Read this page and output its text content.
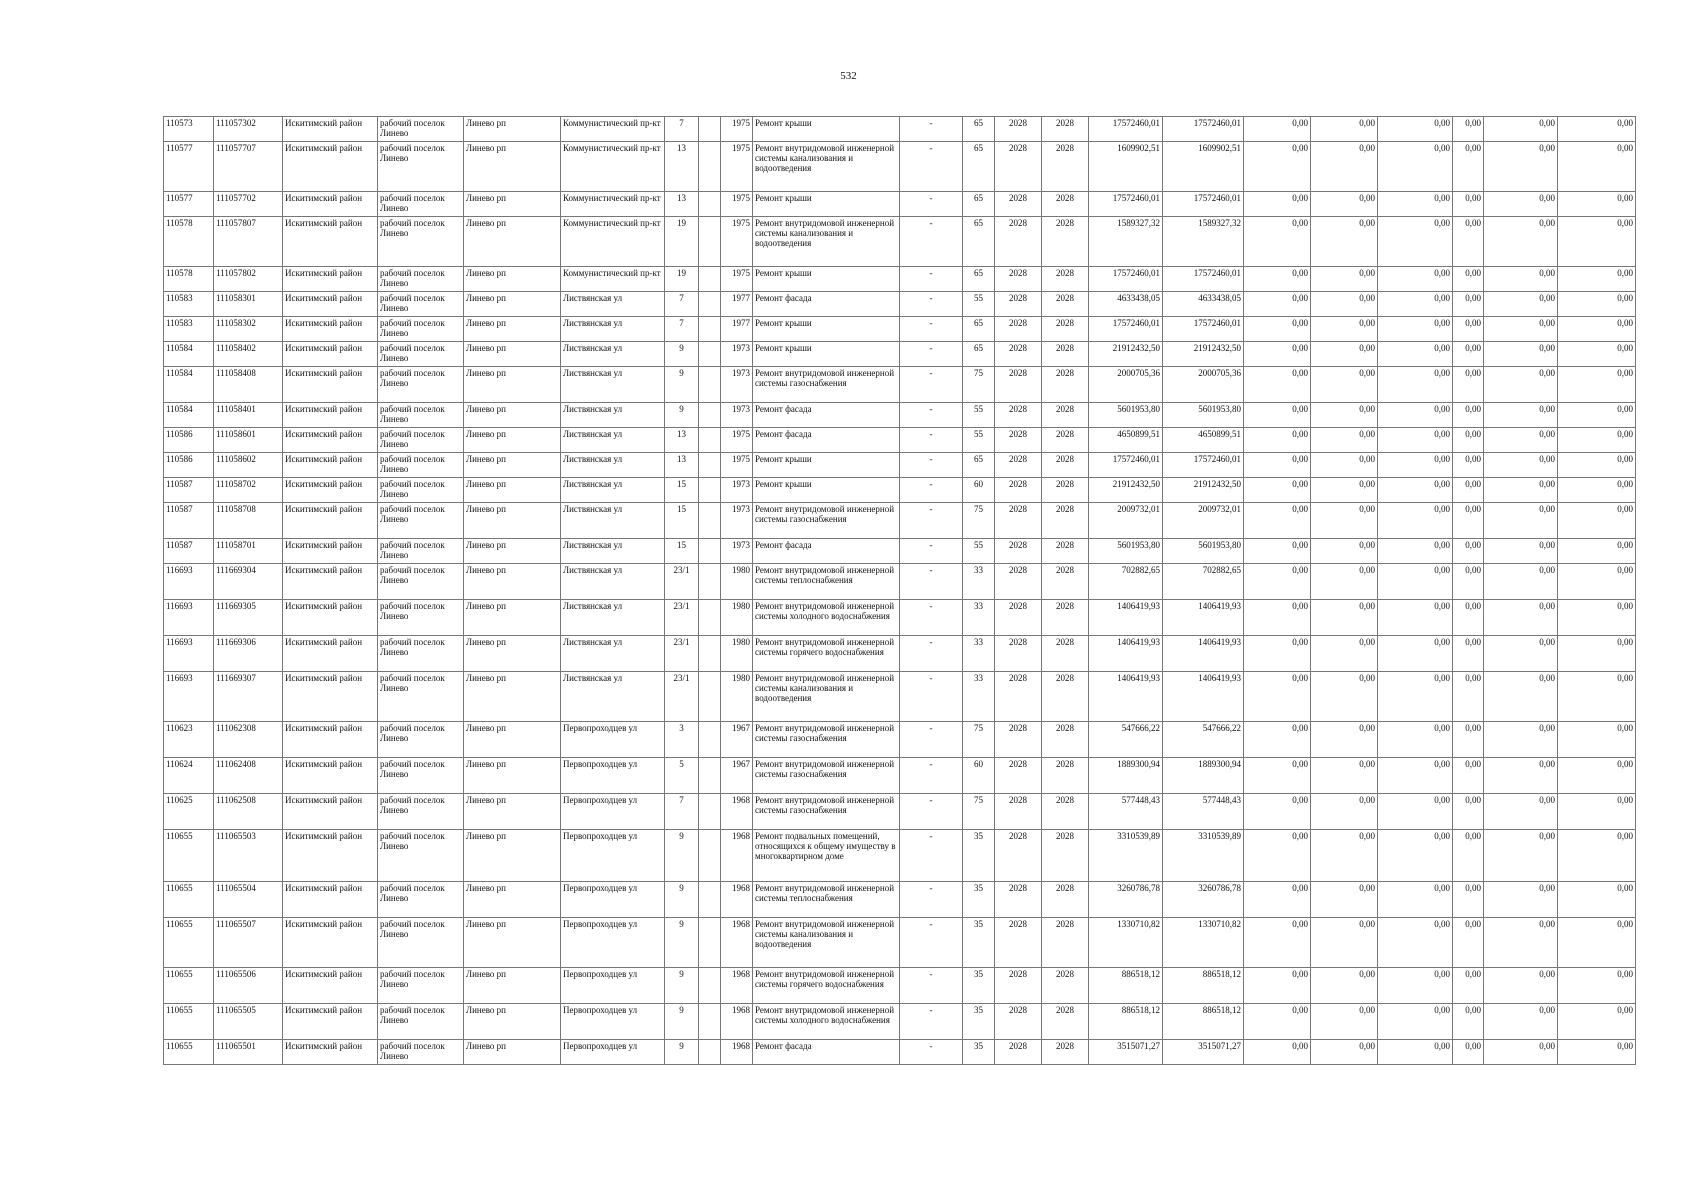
532
110573	111057302	Искитимский район	рабочий поселок Линево	Линево рп	Коммунистический пр-кт	7		1975	Ремонт крыши	-	65	2028	2028	17572460,01	17572460,01	0,00	0,00	0,00	0,00	0,00	0,00
110577	111057707	Искитимский район	рабочий поселок Линево	Линево рп	Коммунистический пр-кт	13		1975	Ремонт внутридомовой инженерной системы канализования и водоотведения	-	65	2028	2028	1609902,51	1609902,51	0,00	0,00	0,00	0,00	0,00	0,00
110577	111057702	Искитимский район	рабочий поселок Линево	Линево рп	Коммунистический пр-кт	13		1975	Ремонт крыши	-	65	2028	2028	17572460,01	17572460,01	0,00	0,00	0,00	0,00	0,00	0,00
110578	111057807	Искитимский район	рабочий поселок Линево	Линево рп	Коммунистический пр-кт	19		1975	Ремонт внутридомовой инженерной системы канализования и водоотведения	-	65	2028	2028	1589327,32	1589327,32	0,00	0,00	0,00	0,00	0,00	0,00
110578	111057802	Искитимский район	рабочий поселок Линево	Линево рп	Коммунистический пр-кт	19		1975	Ремонт крыши	-	65	2028	2028	17572460,01	17572460,01	0,00	0,00	0,00	0,00	0,00	0,00
110583	111058301	Искитимский район	рабочий поселок Линево	Линево рп	Листвянская ул	7		1977	Ремонт фасада	-	55	2028	2028	4633438,05	4633438,05	0,00	0,00	0,00	0,00	0,00	0,00
110583	111058302	Искитимский район	рабочий поселок Линево	Линево рп	Листвянская ул	7		1977	Ремонт крыши	-	65	2028	2028	17572460,01	17572460,01	0,00	0,00	0,00	0,00	0,00	0,00
110584	111058402	Искитимский район	рабочий поселок Линево	Линево рп	Листвянская ул	9		1973	Ремонт крыши	-	65	2028	2028	21912432,50	21912432,50	0,00	0,00	0,00	0,00	0,00	0,00
110584	111058408	Искитимский район	рабочий поселок Линево	Линево рп	Листвянская ул	9		1973	Ремонт внутридомовой инженерной системы газоснабжения	-	75	2028	2028	2000705,36	2000705,36	0,00	0,00	0,00	0,00	0,00	0,00
110584	111058401	Искитимский район	рабочий поселок Линево	Линево рп	Листвянская ул	9		1973	Ремонт фасада	-	55	2028	2028	5601953,80	5601953,80	0,00	0,00	0,00	0,00	0,00	0,00
110586	111058601	Искитимский район	рабочий поселок Линево	Линево рп	Листвянская ул	13		1975	Ремонт фасада	-	55	2028	2028	4650899,51	4650899,51	0,00	0,00	0,00	0,00	0,00	0,00
110586	111058602	Искитимский район	рабочий поселок Линево	Линево рп	Листвянская ул	13		1975	Ремонт крыши	-	65	2028	2028	17572460,01	17572460,01	0,00	0,00	0,00	0,00	0,00	0,00
110587	111058702	Искитимский район	рабочий поселок Линево	Линево рп	Листвянская ул	15		1973	Ремонт крыши	-	60	2028	2028	21912432,50	21912432,50	0,00	0,00	0,00	0,00	0,00	0,00
110587	111058708	Искитимский район	рабочий поселок Линево	Линево рп	Листвянская ул	15		1973	Ремонт внутридомовой инженерной системы газоснабжения	-	75	2028	2028	2009732,01	2009732,01	0,00	0,00	0,00	0,00	0,00	0,00
110587	111058701	Искитимский район	рабочий поселок Линево	Линево рп	Листвянская ул	15		1973	Ремонт фасада	-	55	2028	2028	5601953,80	5601953,80	0,00	0,00	0,00	0,00	0,00	0,00
116693	111669304	Искитимский район	рабочий поселок Линево	Линево рп	Листвянская ул	23/1		1980	Ремонт внутридомовой инженерной системы теплоснабжения	-	33	2028	2028	702882,65	702882,65	0,00	0,00	0,00	0,00	0,00	0,00
116693	111669305	Искитимский район	рабочий поселок Линево	Линево рп	Листвянская ул	23/1		1980	Ремонт внутридомовой инженерной системы холодного водоснабжения	-	33	2028	2028	1406419,93	1406419,93	0,00	0,00	0,00	0,00	0,00	0,00
116693	111669306	Искитимский район	рабочий поселок Линево	Линево рп	Листвянская ул	23/1		1980	Ремонт внутридомовой инженерной системы горячего водоснабжения	-	33	2028	2028	1406419,93	1406419,93	0,00	0,00	0,00	0,00	0,00	0,00
116693	111669307	Искитимский район	рабочий поселок Линево	Линево рп	Листвянская ул	23/1		1980	Ремонт внутридомовой инженерной системы канализования и водоотведения	-	33	2028	2028	1406419,93	1406419,93	0,00	0,00	0,00	0,00	0,00	0,00
110623	111062308	Искитимский район	рабочий поселок Линево	Линево рп	Первопроходцев ул	3		1967	Ремонт внутридомовой инженерной системы газоснабжения	-	75	2028	2028	547666,22	547666,22	0,00	0,00	0,00	0,00	0,00	0,00
110624	111062408	Искитимский район	рабочий поселок Линево	Линево рп	Первопроходцев ул	5		1967	Ремонт внутридомовой инженерной системы газоснабжения	-	60	2028	2028	1889300,94	1889300,94	0,00	0,00	0,00	0,00	0,00	0,00
110625	111062508	Искитимский район	рабочий поселок Линево	Линево рп	Первопроходцев ул	7		1968	Ремонт внутридомовой инженерной системы газоснабжения	-	75	2028	2028	577448,43	577448,43	0,00	0,00	0,00	0,00	0,00	0,00
110655	111065503	Искитимский район	рабочий поселок Линево	Линево рп	Первопроходцев ул	9		1968	Ремонт подвальных помещений, относящихся к общему имуществу в многоквартирном доме	-	35	2028	2028	3310539,89	3310539,89	0,00	0,00	0,00	0,00	0,00	0,00
110655	111065504	Искитимский район	рабочий поселок Линево	Линево рп	Первопроходцев ул	9		1968	Ремонт внутридомовой инженерной системы теплоснабжения	-	35	2028	2028	3260786,78	3260786,78	0,00	0,00	0,00	0,00	0,00	0,00
110655	111065507	Искитимский район	рабочий поселок Линево	Линево рп	Первопроходцев ул	9		1968	Ремонт внутридомовой инженерной системы канализования и водоотведения	-	35	2028	2028	1330710,82	1330710,82	0,00	0,00	0,00	0,00	0,00	0,00
110655	111065506	Искитимский район	рабочий поселок Линево	Линево рп	Первопроходцев ул	9		1968	Ремонт внутридомовой инженерной системы горячего водоснабжения	-	35	2028	2028	886518,12	886518,12	0,00	0,00	0,00	0,00	0,00	0,00
110655	111065505	Искитимский район	рабочий поселок Линево	Линево рп	Первопроходцев ул	9		1968	Ремонт внутридомовой инженерной системы холодного водоснабжения	-	35	2028	2028	886518,12	886518,12	0,00	0,00	0,00	0,00	0,00	0,00
110655	111065501	Искитимский район	рабочий поселок Линево	Линево рп	Первопроходцев ул	9		1968	Ремонт фасада	-	35	2028	2028	3515071,27	3515071,27	0,00	0,00	0,00	0,00	0,00	0,00
